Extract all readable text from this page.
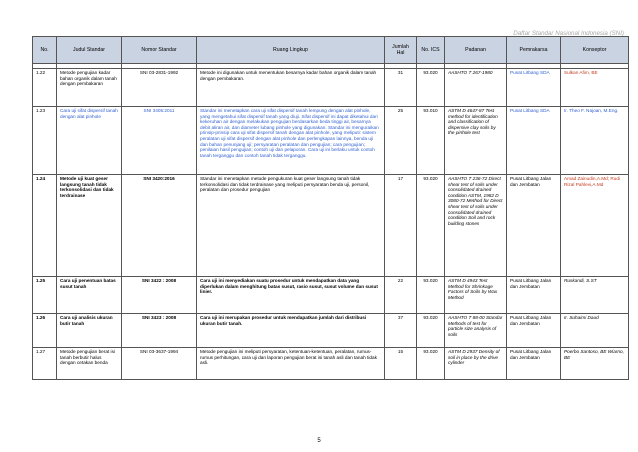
Daftar Standar Nasional Indonesia (SNI)
No.	Judul Standar	Nomor Standar	Ruang Lingkup	Jumlah Hal	No. ICS	Padanan	Pemrakarsa	Konseptor

1.22	Metode pengujian kadar bahan organik dalam tanah dengan pembakaran	SNI 03-2831-1992	Metode ini digunakan untuk menentukan besarnya kadar bahan organik dalam tanah dengan pembakaran.	31	93.020	AASHTO T 267-1980	Pusat Litbang SDA	Sulkan Afim, BE
1.23	Cara uji sifat dispersif tanah dengan alat pinhole	SNI 3405:2011	Standar ini menetapkan cara uji sifat dispersif tanah lempung dengan alat pinhole, yang mengetahui sifat dispersif tanah yang diuji. Sifat dispersif ini dapat diketahui dari kekeruhan air dengan melakukan pengujian berdasarkan beda tinggi air, besarnya debit aliran air, dan diameter lubang pinhole yang digunakan. Standar ini menguraikan prinsip-prinsip cara uji sifat dispersif tanah dengan alat pinhole, yang meliputi: sistem peralatan uji sifat dispersif dengan alat pinhole dan perlengkapan lainnya, benda uji dan bahan penunjang uji; persyaratan peralatan dan pengujian; cara pengujian; penilaian hasil pengujian; contoh uji dan pelaporan. Cara uji ini berlaku untuk contoh tanah terganggu dan contoh tanah tidak terganggu.	25	93.010	ASTM D 4647-87 Test method for identification and classification of dispersive clay soils by the pinhole test	Pusat Litbang SDA	Ir. Theo F. Najoan, M.Eng.
1.24	Metode uji kuat geser langsung tanah tidak terkonsolidasi dan tidak terdrainase	SNI 3420:2016	Standar ini menetapkan metode pengukuran kuat geser langsung tanah tidak terkonsolidasi dan tidak terdrainase yang meliputi persyaratan benda uji, personil, peralatan dan prosedur pengujian	17	93.020	AASHTO T 236-72 Direct shear test of soils under consolidated drained condition ASTM, 1982 D 3080-72 Method for Direct shear test of soils under consolidated drained condition Soil and rock building stones	Pusat Litbang Jalan dan Jembatan	Amad Zainudin,A.Md; Rudi Rizal Pahlevi,A.Md
1.25	Cara uji penentuan batas susut tanah	SNI 3422 : 2008	Cara uji ini menyediakan suatu prosedur untuk mendapatkan data yang diperlukan dalam menghitung batas susut, rasio susut, susut volume dan susut linier.	22	93.020	ASTM D 4943 Test Method for Shrinkage Factors of Soils by Wax Method	Pusat Litbang Jalan dan Jembatan	Ruskandi, S.ST
1.26	Cara uji analisis ukuran butir tanah	SNI 3423 : 2008	Cara uji ini merupakan prosedur untuk mendapatkan jumlah dari distribusi ukuran butir tanah.	37	93.020	AASHTO T 88-00 Standar Methods of test for particle size analysis of soils	Pusat Litbang Jalan dan Jembatan	Ir. Suhaimi Daud
1.27	Metode pengujian berat isi tanah berbutir halus dengan cetakan benda	SNI 03-3637-1994	Metode pengujian ini meliputi persyaratan, ketentuan-ketentuan, peralatan, rumus-rumus perhitungan, cara uji dan laporan pengujian berat isi tanah asli dan tanah tidak asli.	15	93.020	ASTM D 2937 Density of soil in place by the drive cylinder	Pusat Litbang Jalan dan Jembatan	Poerbo Santoso, BE Wiarno, BE
5
